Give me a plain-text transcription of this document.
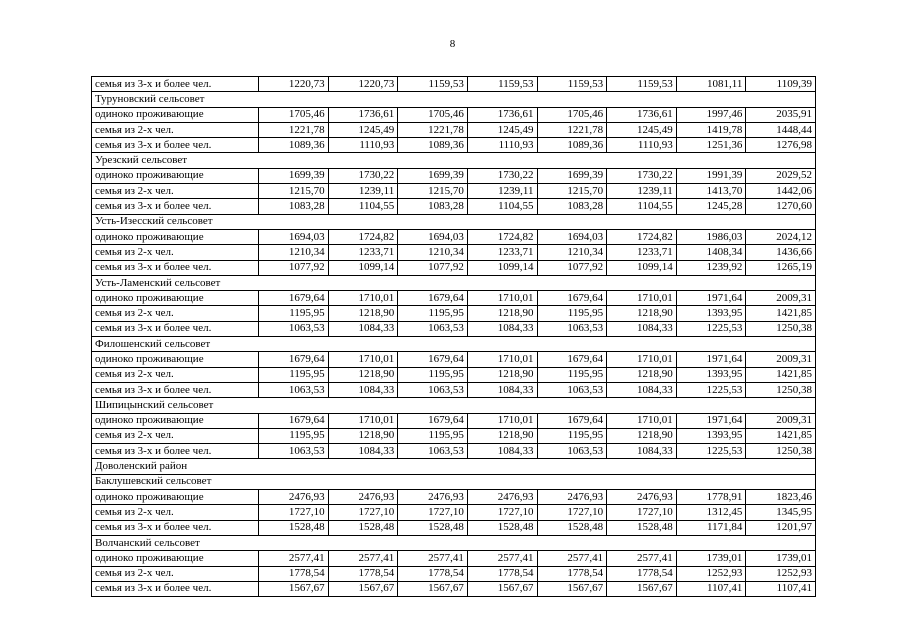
8
семья из 3-х и более чел.	1220,73	1220,73	1159,53	1159,53	1159,53	1159,53	1081,11	1109,39
Туруновский сельсовет								
одиноко проживающие	1705,46	1736,61	1705,46	1736,61	1705,46	1736,61	1997,46	2035,91
семья из 2-х чел.	1221,78	1245,49	1221,78	1245,49	1221,78	1245,49	1419,78	1448,44
семья из 3-х и более чел.	1089,36	1110,93	1089,36	1110,93	1089,36	1110,93	1251,36	1276,98
Урезский сельсовет								
одиноко проживающие	1699,39	1730,22	1699,39	1730,22	1699,39	1730,22	1991,39	2029,52
семья из 2-х чел.	1215,70	1239,11	1215,70	1239,11	1215,70	1239,11	1413,70	1442,06
семья из 3-х и более чел.	1083,28	1104,55	1083,28	1104,55	1083,28	1104,55	1245,28	1270,60
Усть-Изесский сельсовет								
одиноко проживающие	1694,03	1724,82	1694,03	1724,82	1694,03	1724,82	1986,03	2024,12
семья из 2-х чел.	1210,34	1233,71	1210,34	1233,71	1210,34	1233,71	1408,34	1436,66
семья из 3-х и более чел.	1077,92	1099,14	1077,92	1099,14	1077,92	1099,14	1239,92	1265,19
Усть-Ламенский сельсовет								
одиноко проживающие	1679,64	1710,01	1679,64	1710,01	1679,64	1710,01	1971,64	2009,31
семья из 2-х чел.	1195,95	1218,90	1195,95	1218,90	1195,95	1218,90	1393,95	1421,85
семья из 3-х и более чел.	1063,53	1084,33	1063,53	1084,33	1063,53	1084,33	1225,53	1250,38
Филошенский сельсовет								
одиноко проживающие	1679,64	1710,01	1679,64	1710,01	1679,64	1710,01	1971,64	2009,31
семья из 2-х чел.	1195,95	1218,90	1195,95	1218,90	1195,95	1218,90	1393,95	1421,85
семья из 3-х и более чел.	1063,53	1084,33	1063,53	1084,33	1063,53	1084,33	1225,53	1250,38
Шипицынский сельсовет								
одиноко проживающие	1679,64	1710,01	1679,64	1710,01	1679,64	1710,01	1971,64	2009,31
семья из 2-х чел.	1195,95	1218,90	1195,95	1218,90	1195,95	1218,90	1393,95	1421,85
семья из 3-х и более чел.	1063,53	1084,33	1063,53	1084,33	1063,53	1084,33	1225,53	1250,38
Доволенский район								
Баклушевский сельсовет								
одиноко проживающие	2476,93	2476,93	2476,93	2476,93	2476,93	2476,93	1778,91	1823,46
семья из 2-х чел.	1727,10	1727,10	1727,10	1727,10	1727,10	1727,10	1312,45	1345,95
семья из 3-х и более чел.	1528,48	1528,48	1528,48	1528,48	1528,48	1528,48	1171,84	1201,97
Волчанский сельсовет								
одиноко проживающие	2577,41	2577,41	2577,41	2577,41	2577,41	2577,41	1739,01	1739,01
семья из 2-х чел.	1778,54	1778,54	1778,54	1778,54	1778,54	1778,54	1252,93	1252,93
семья из 3-х и более чел.	1567,67	1567,67	1567,67	1567,67	1567,67	1567,67	1107,41	1107,41
